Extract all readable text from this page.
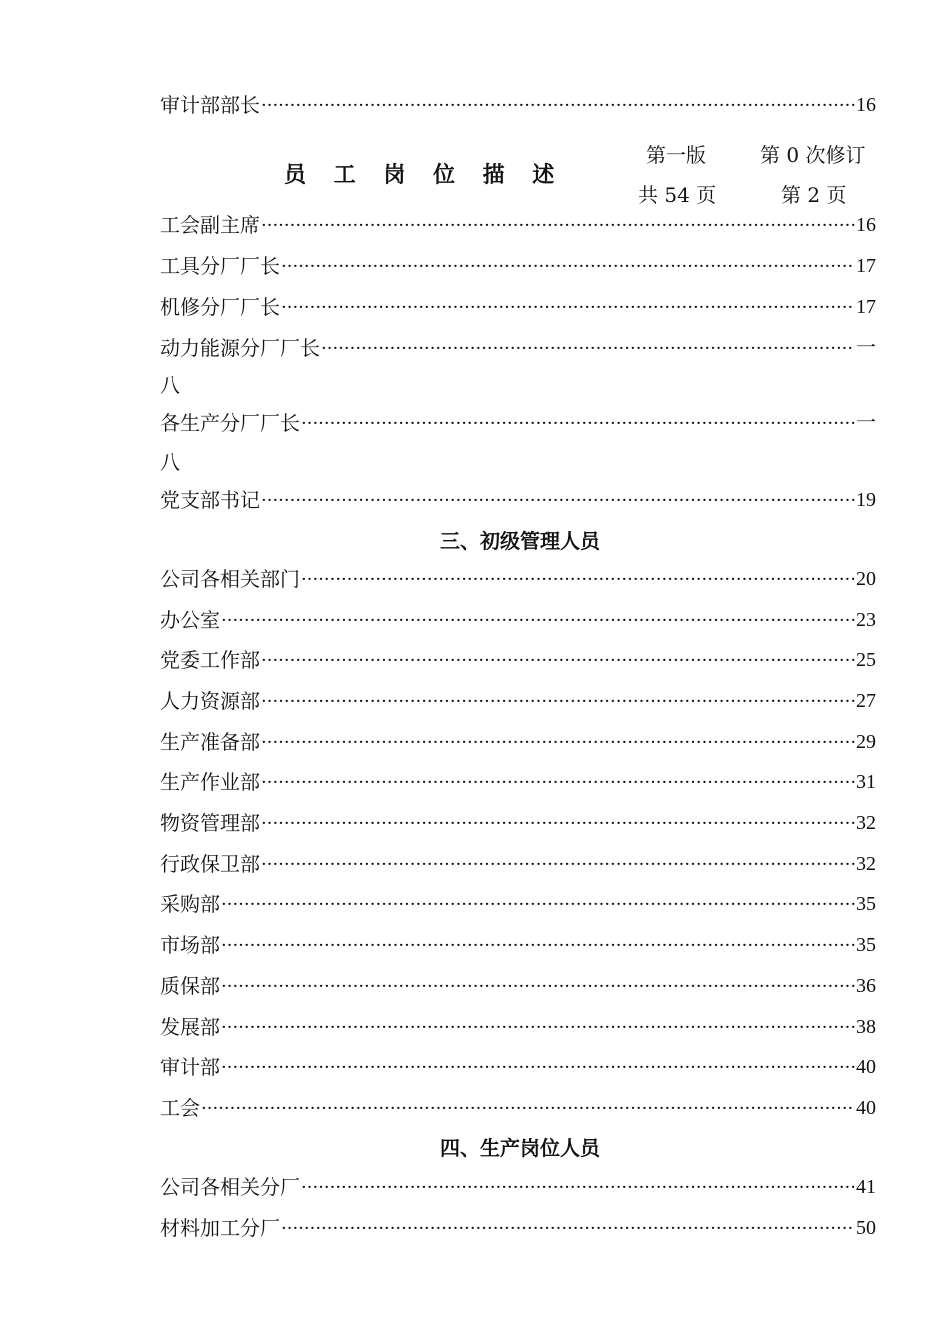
审计部部长 ·····	16
员 工 岗 位 描 述
第一版	第 0 次修订
共 54 页	第 2 页
工会副主席 ·····	16
工具分厂厂长 ·····	17
机修分厂厂长 ·····	17
动力能源分厂厂长 ·····	一
八
各生产分厂厂长 ·····	一
八
党支部书记 ·····	19
三、初级管理人员
公司各相关部门 ·····	20
办公室 ·····	23
党委工作部 ·····	25
人力资源部 ·····	27
生产准备部 ·····	29
生产作业部 ·····	31
物资管理部 ·····	32
行政保卫部 ·····	32
采购部 ·····	35
市场部 ·····	35
质保部 ·····	36
发展部 ·····	38
审计部 ·····	40
工会 ·····	40
四、生产岗位人员
公司各相关分厂 ·····	41
材料加工分厂 ·····	50
